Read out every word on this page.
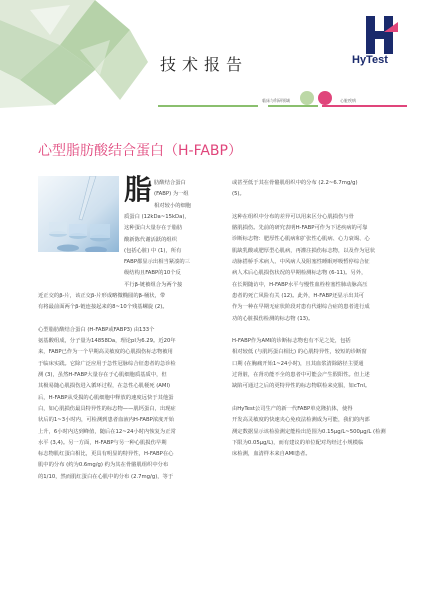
技术报告	HyTest
临床与科研领域	心脏疾病
心型脂肪酸结合蛋白（H-FABP）
脂 肪酸结合蛋白
(FABP) 为一组
相对较小的细胞
质蛋白 (12kDa~15kDa)，
这种蛋白大量存在于脂肪
酸新陈代谢活跃的组织
(包括心脏) 中 (1)，所有
FABP都显示出相当紧凑的三
级结构且FABP的10个反
平行β-链被组合为两个接
近正交的β-片，该正交β-片形成略微椭圆的β-桶状，带
有将最前面两个β-链连接起来的8~10个残基螺旋 (2)。
心型脂肪酸结合蛋白 (H-FABP或FABP3) 由133个
氨基酸组成，分子量为14858Da，理论pI为6.29。近20年
来，FABP已作为一个早期高灵敏度的心肌损伤标志物被用
于临床实践。它除广泛应用于急性冠脉综合征患者的急诊检
测 (3)，虽然H-FABP大量存在于心肌细胞质基质中，但
其极易随心肌损伤进入循环过程，在急性心肌梗死 (AMI)
后，H-FABP从受损的心肌细胞中释放的速度远快于其他蛋
白，如心肌损伤最具特异性的标志物——肌钙蛋白，出现症
状后的1~3小时内，可检测到患者血液内H-FABP浓度开始
上升，6小时内达到峰值，随后在12~24小时内恢复为正常
水平 (3,4)。另一方面，H-FABP与另一种心肌损伤早期
标志物肌红蛋白相比，更具有明显的特异性，H-FABP在心
肌中的分布 (约为0.6mg/g) 约为其在骨骼肌组织中分布
的1/10，然而肌红蛋白在心肌中的分布 (2.7mg/g)，等于
或甚至低于其在骨骼肌组织中的分布 (2.2~6.7mg/g)
(5)。
这种在组织中分布的差异可以用来区分心肌损伤与骨
骼肌损伤。先前的研究表明H-FABP可作为下述疾病的可靠
诊断标志物：肥厚性心肌病和扩张性心肌病、心力衰竭、心
肌缺乳酸或肥厚型心肌病，再灌注损伤标志物，以及作为冠状
动脉搭桥手术病人、中风病人及阻塞性睡眠呼吸暂停综合征
病人术后心肌损伤状况的早期检测标志物 (6-11)。另外，
在长期随访中，H-FABP水平与慢性血栓栓塞性肺动脉高压
患者的死亡风险有关 (12)。此外，H-FABP还显示出其可
作为一种在早期无症状阶段对患有代谢综合症的患者进行成
功的心脏损伤检测的标志物 (13)。
H-FABP作为AMI的诊断标志物也有不足之处，包括
相对较低 (与肌钙蛋白相比) 的心肌特异性，较短的诊断窗
口期 (在胸痛开始1~24小时)，且其血浆清除路径主要通
过肾脏，在肾功能不全的患者中可能会产生假阳性。但上述
缺陷可通过之后的更特异性的标志物联检来克服，如cTnI。
由HyTest公司生产的新一代FABP单克隆抗体，使得
开发高灵敏度的快速夹心免疫法检测成为可能，我们的内部
测定数据显示该检验测定能检出范围为0.15μg/L~500μg/L (检测
下限为0.05μg/L)，而有建议的单位配对均经过小规模临
床检测，血清样本来自AMI患者。
